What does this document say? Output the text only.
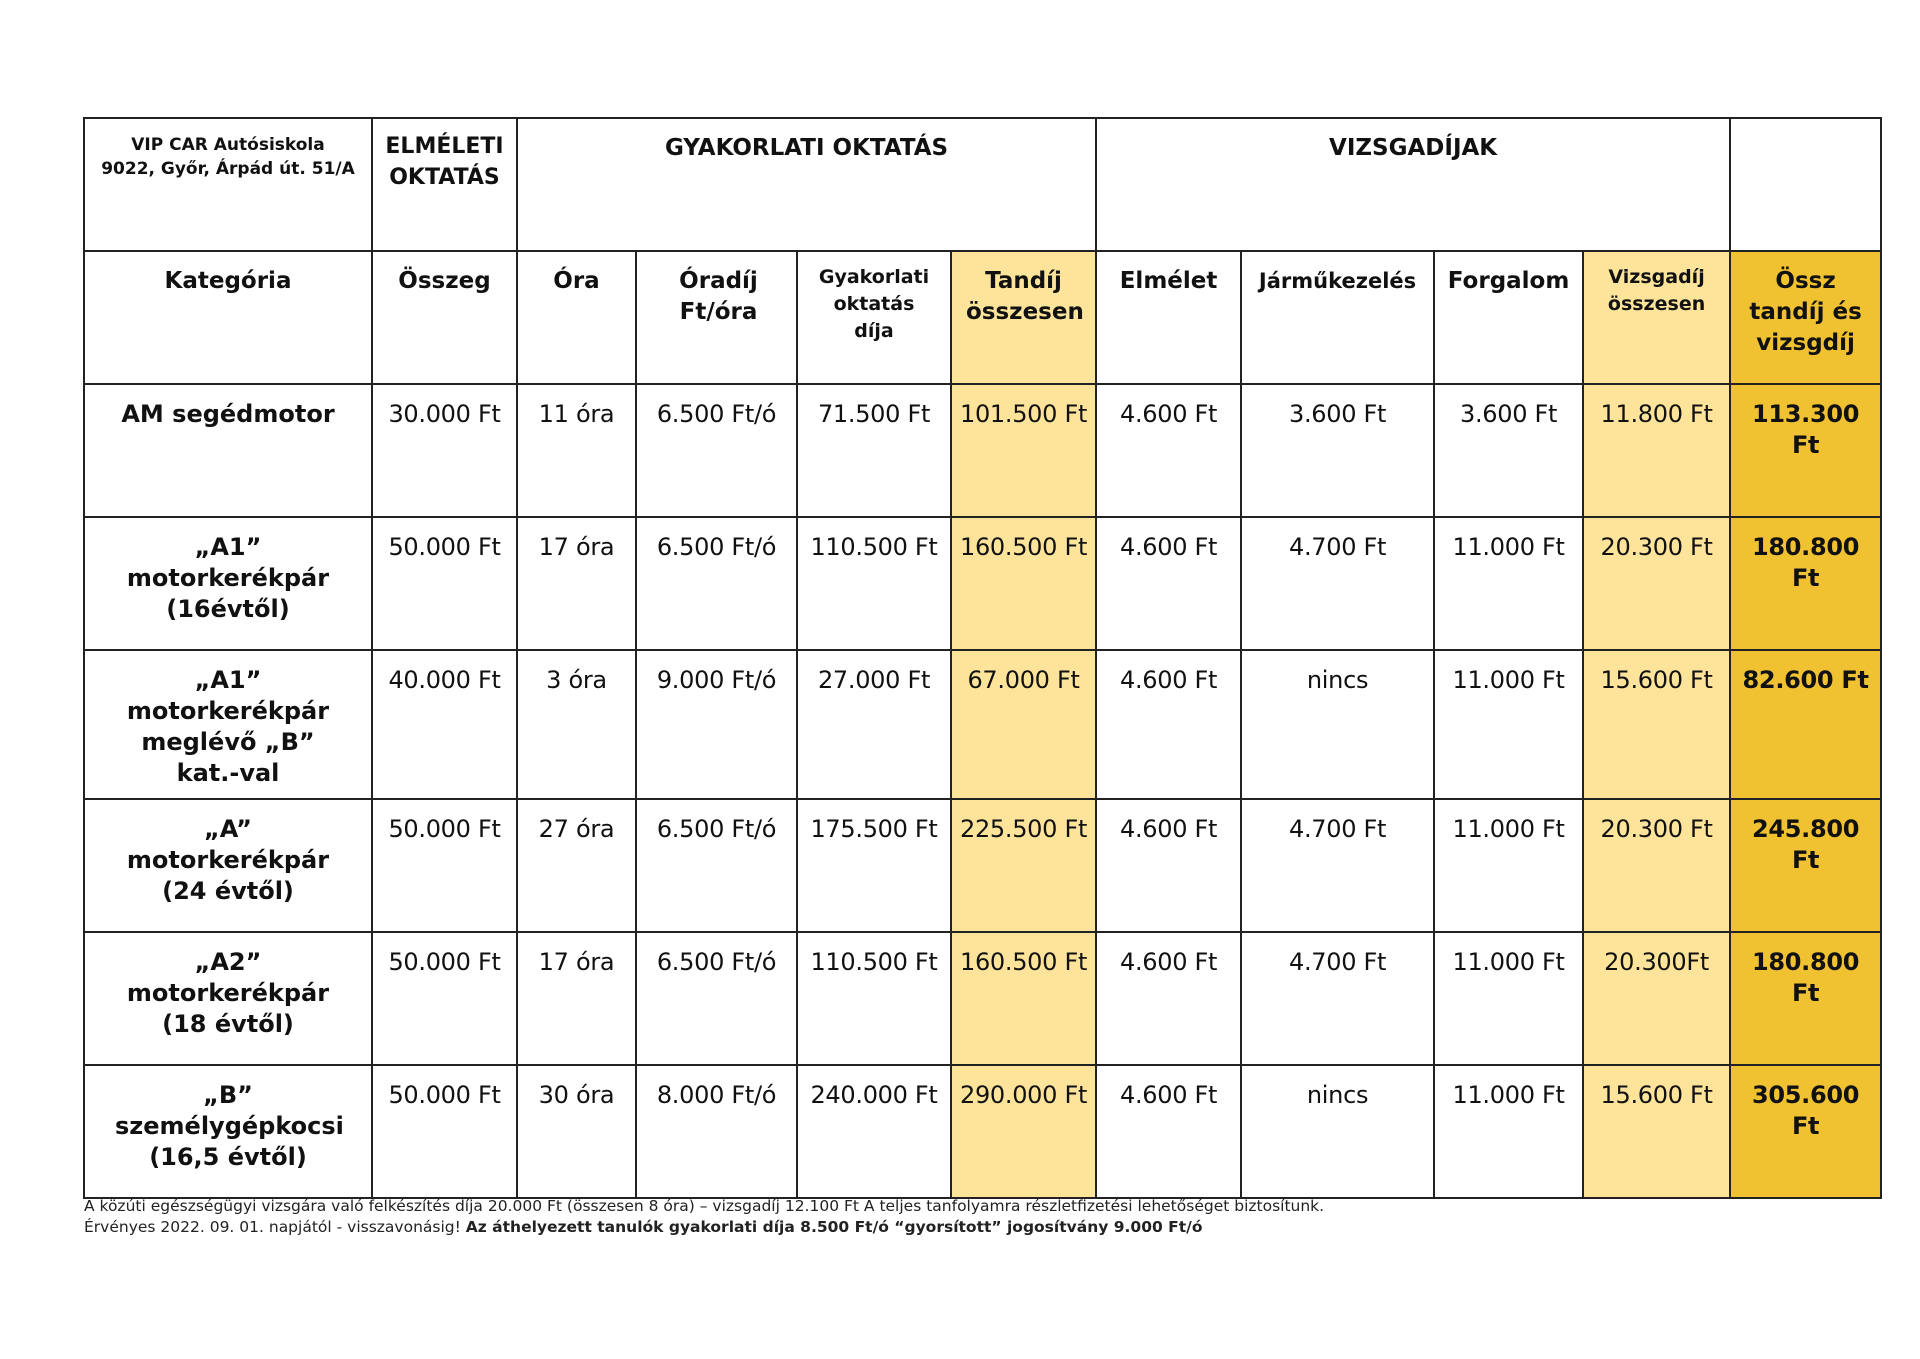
VIP CAR Autósiskola
9022, Győr, Árpád út. 51/A	ELMÉLETI OKTATÁS	GYAKORLATI OKTATÁS				VIZSGADÍJAK				
Kategória	Összeg	Óra	Óradíj Ft/óra	Gyakorlati oktatás díja	Tandíj összesen	Elmélet	Járműkezelés	Forgalom	Vizsgadíj összesen	Össz tandíj és vizsgdíj
AM segédmotor	30.000 Ft	11 óra	6.500 Ft/ó	71.500 Ft	101.500 Ft	4.600 Ft	3.600 Ft	3.600 Ft	11.800 Ft	113.300 Ft
„A1” motorkerékpár (16évtől)	50.000 Ft	17 óra	6.500 Ft/ó	110.500 Ft	160.500 Ft	4.600 Ft	4.700 Ft	11.000 Ft	20.300 Ft	180.800 Ft
„A1” motorkerékpár meglévő „B” kat.-val	40.000 Ft	3 óra	9.000 Ft/ó	27.000 Ft	67.000 Ft	4.600 Ft	nincs	11.000 Ft	15.600 Ft	82.600 Ft
„A” motorkerékpár (24 évtől)	50.000 Ft	27 óra	6.500 Ft/ó	175.500 Ft	225.500 Ft	4.600 Ft	4.700 Ft	11.000 Ft	20.300 Ft	245.800 Ft
„A2” motorkerékpár (18 évtől)	50.000 Ft	17 óra	6.500 Ft/ó	110.500 Ft	160.500 Ft	4.600 Ft	4.700 Ft	11.000 Ft	20.300Ft	180.800 Ft
„B” személygépkocsi (16,5 évtől)	50.000 Ft	30 óra	8.000 Ft/ó	240.000 Ft	290.000 Ft	4.600 Ft	nincs	11.000 Ft	15.600 Ft	305.600 Ft
A közúti egészségügyi vizsgára való felkészítés díja 20.000 Ft (összesen 8 óra) – vizsgadíj 12.100 Ft A teljes tanfolyamra részletfizetési lehetőséget biztosítunk.
Érvényes 2022. 09. 01. napjától - visszavonásig! Az áthelyezett tanulók gyakorlati díja 8.500 Ft/ó “gyorsított” jogosítvány 9.000 Ft/ó
